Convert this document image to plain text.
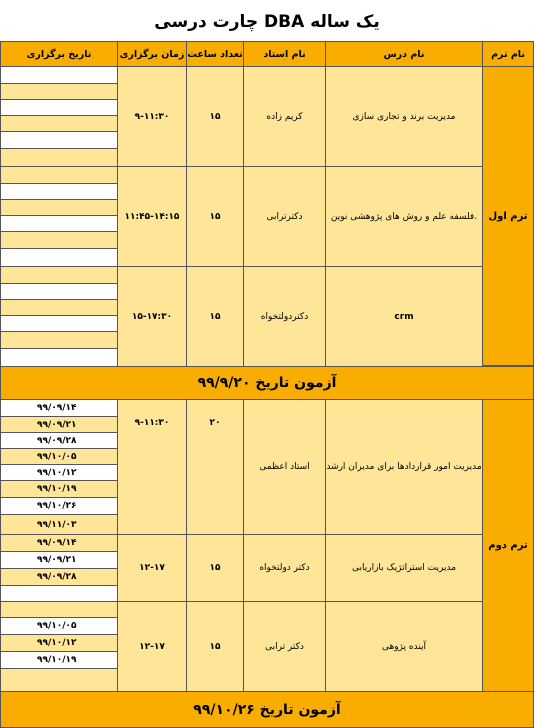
چارت درسی DBA یک ساله
نام ترم
نام درس
نام استاد
تعداد ساعت
زمان برگزاری
تاریخ برگزاری
ترم اول
مدیریت برند و تجاری سازی
کریم زاده
۱۵
۹-۱۱:۳۰
فلسفه علم و روش های پژوهشی نوین.
دکترترابی
۱۵
۱۱:۴۵-۱۴:۱۵
crm
دکتردولتخواه
۱۵
۱۵-۱۷:۳۰
آزمون تاریخ ۹۹/۹/۲۰
ترم دوم
مدیریت امور قراردادها برای مدیران ارشد
استاد اعظمی
۲۰
۹-۱۱:۳۰
۹۹/۰۹/۱۴
۹۹/۰۹/۲۱
۹۹/۰۹/۲۸
۹۹/۱۰/۰۵
۹۹/۱۰/۱۲
۹۹/۱۰/۱۹
۹۹/۱۰/۲۶
۹۹/۱۱/۰۳
مدیریت استراتژیک بازاریابی
دکتر دولتخواه
۱۵
۱۲-۱۷
۹۹/۰۹/۱۴
۹۹/۰۹/۲۱
۹۹/۰۹/۲۸
آینده پژوهی
دکتر ترابی
۱۵
۱۲-۱۷
۹۹/۱۰/۰۵
۹۹/۱۰/۱۲
۹۹/۱۰/۱۹
آزمون تاریخ ۹۹/۱۰/۲۶
